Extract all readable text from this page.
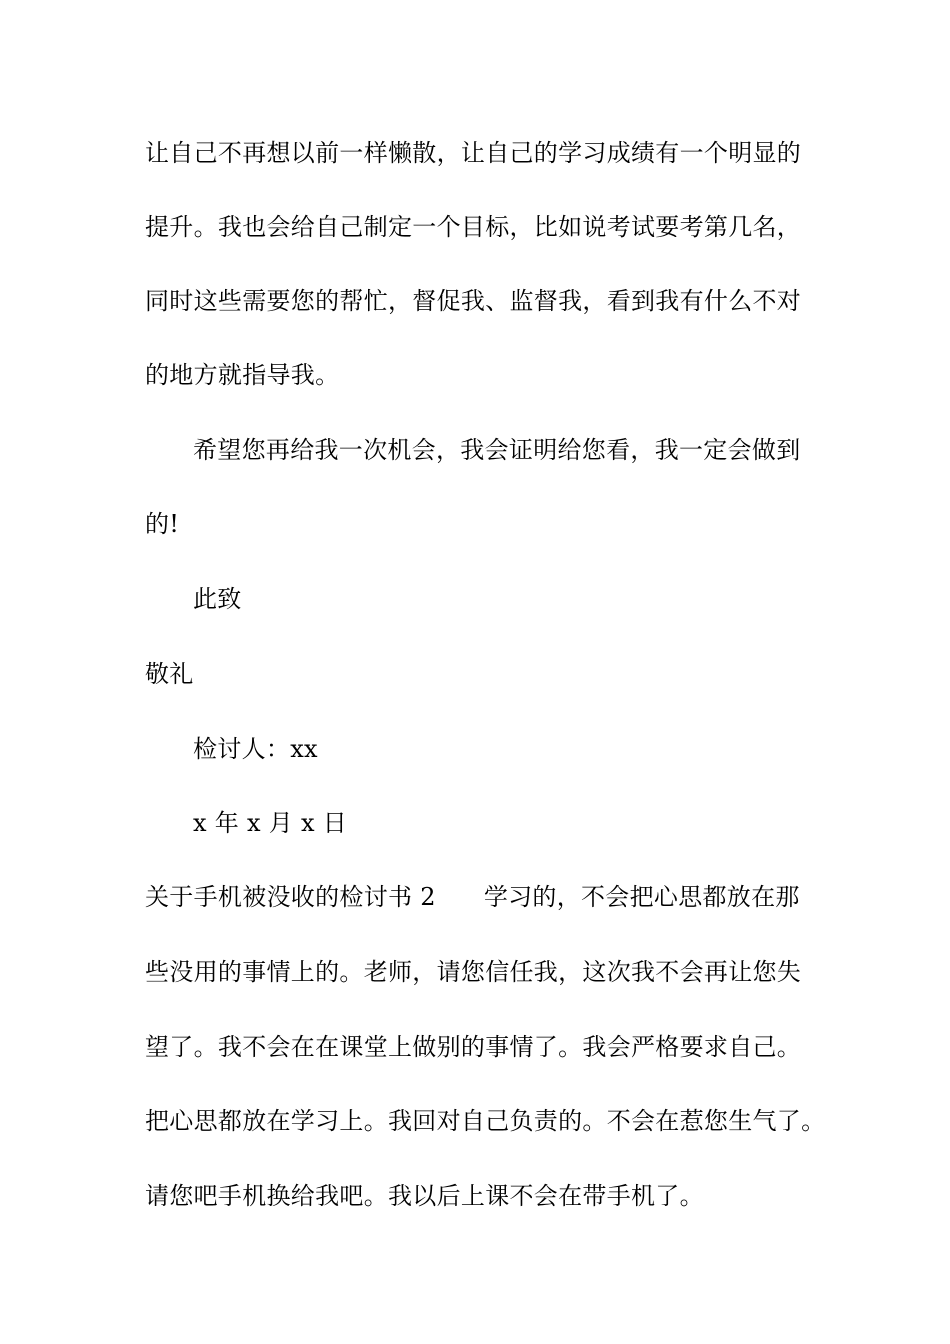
让自己不再想以前一样懒散，让自己的学习成绩有一个明显的
提升。我也会给自己制定一个目标，比如说考试要考第几名，
同时这些需要您的帮忙，督促我、监督我，看到我有什么不对
的地方就指导我。
希望您再给我一次机会，我会证明给您看，我一定会做到
的!
此致
敬礼
检讨人：xx
x 年 x 月 x 日
关于手机被没收的检讨书 2 学习的，不会把心思都放在那
些没用的事情上的。老师，请您信任我，这次我不会再让您失
望了。我不会在在课堂上做别的事情了。我会严格要求自己。
把心思都放在学习上。我回对自己负责的。不会在惹您生气了。
请您吧手机换给我吧。我以后上课不会在带手机了。
